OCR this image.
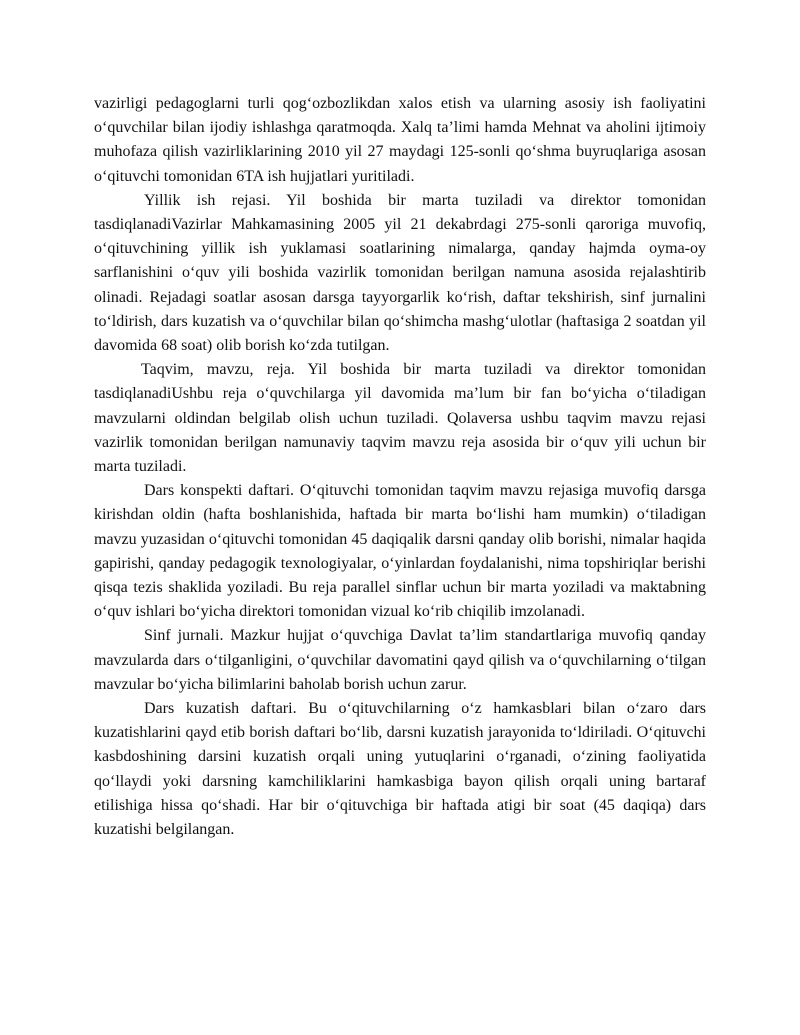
vazirligi pedagoglarni turli qogʻozbozlikdan xalos etish va ularning asosiy ish faoliyatini oʻquvchilar bilan ijodiy ishlashga qaratmoqda. Xalq taʼlimi hamda Mehnat va aholini ijtimoiy muhofaza qilish vazirliklarining 2010 yil 27 maydagi 125-sonli qoʻshma buyruqlariga asosan oʻqituvchi tomonidan 6TA ish hujjatlari yuritiladi.

Yillik ish rejasi. Yil boshida bir marta tuziladi va direktor tomonidan tasdiqlanadiVazirlar Mahkamasining 2005 yil 21 dekabrdagi 275-sonli qaroriga muvofiq, oʻqituvchining yillik ish yuklamasi soatlarining nimalarga, qanday hajmda oyma-oy sarflanishini oʻquv yili boshida vazirlik tomonidan berilgan namuna asosida rejalashtirib olinadi. Rejadagi soatlar asosan darsga tayyorgarlik koʻrish, daftar tekshirish, sinf jurnalini toʻldirish, dars kuzatish va oʻquvchilar bilan qoʻshimcha mashgʻulotlar (haftasiga 2 soatdan yil davomida 68 soat) olib borish koʻzda tutilgan.

Taqvim, mavzu, reja. Yil boshida bir marta tuziladi va direktor tomonidan tasdiqlanadiUshbu reja oʻquvchilarga yil davomida maʼlum bir fan boʻyicha oʻtiladigan mavzularni oldindan belgilab olish uchun tuziladi. Qolaversa ushbu taqvim mavzu rejasi vazirlik tomonidan berilgan namunaviy taqvim mavzu reja asosida bir oʻquv yili uchun bir marta tuziladi.

Dars konspekti daftari. Oʻqituvchi tomonidan taqvim mavzu rejasiga muvofiq darsga kirishdan oldin (hafta boshlanishida, haftada bir marta boʻlishi ham mumkin) oʻtiladigan mavzu yuzasidan oʻqituvchi tomonidan 45 daqiqalik darsni qanday olib borishi, nimalar haqida gapirishi, qanday pedagogik texnologiyalar, oʻyinlardan foydalanishi, nima topshiriqlar berishi qisqa tezis shaklida yoziladi. Bu reja parallel sinflar uchun bir marta yoziladi va maktabning oʻquv ishlari boʻyicha direktori tomonidan vizual koʻrib chiqilib imzolanadi.

Sinf jurnali. Mazkur hujjat oʻquvchiga Davlat taʼlim standartlariga muvofiq qanday mavzularda dars oʻtilganligini, oʻquvchilar davomatini qayd qilish va oʻquvchilarning oʻtilgan mavzular boʻyicha bilimlarini baholab borish uchun zarur.

Dars kuzatish daftari. Bu oʻqituvchilarning oʻz hamkasblari bilan oʻzaro dars kuzatishlarini qayd etib borish daftari boʻlib, darsni kuzatish jarayonida toʻldiriladi. Oʻqituvchi kasbdoshining darsini kuzatish orqali uning yutuqlarini oʻrganadi, oʻzining faoliyatida qoʻllaydi yoki darsning kamchiliklarini hamkasbiga bayon qilish orqali uning bartaraf etilishiga hissa qoʻshadi. Har bir oʻqituvchiga bir haftada atigi bir soat (45 daqiqa) dars kuzatishi belgilangan.
